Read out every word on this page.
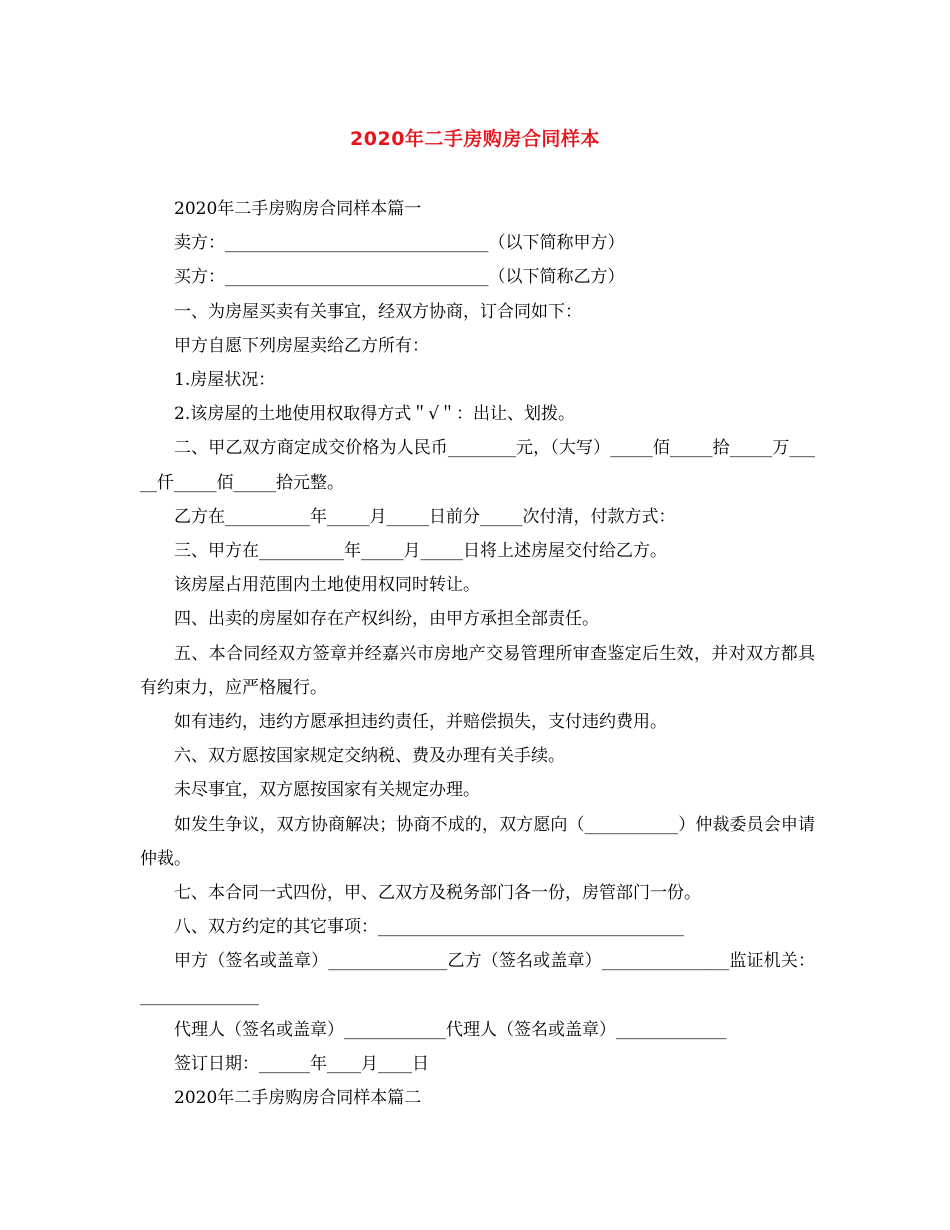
2020年二手房购房合同样本

2020年二手房购房合同样本篇一

卖方：_______________________________（以下简称甲方）

买方：_______________________________（以下简称乙方）

一、为房屋买卖有关事宜，经双方协商，订合同如下：

甲方自愿下列房屋卖给乙方所有：

1.房屋状况：

2.该房屋的土地使用权取得方式＂√＂：出让、划拨。

二、甲乙双方商定成交价格为人民币________元，（大写）_____佰_____拾_____万_____仟_____佰_____拾元整。

乙方在__________年_____月_____日前分_____次付清，付款方式：

三、甲方在__________年_____月_____日将上述房屋交付给乙方。

该房屋占用范围内土地使用权同时转让。

四、出卖的房屋如存在产权纠纷，由甲方承担全部责任。

五、本合同经双方签章并经嘉兴市房地产交易管理所审查鉴定后生效，并对双方都具有约束力，应严格履行。

如有违约，违约方愿承担违约责任，并赔偿损失，支付违约费用。

六、双方愿按国家规定交纳税、费及办理有关手续。

未尽事宜，双方愿按国家有关规定办理。

如发生争议，双方协商解决；协商不成的，双方愿向（___________）仲裁委员会申请仲裁。

七、本合同一式四份，甲、乙双方及税务部门各一份，房管部门一份。

八、双方约定的其它事项：____________________________________

甲方（签名或盖章）______________乙方（签名或盖章）_______________监证机关：______________

代理人（签名或盖章）____________代理人（签名或盖章）_____________

签订日期：______年____月____日

2020年二手房购房合同样本篇二
